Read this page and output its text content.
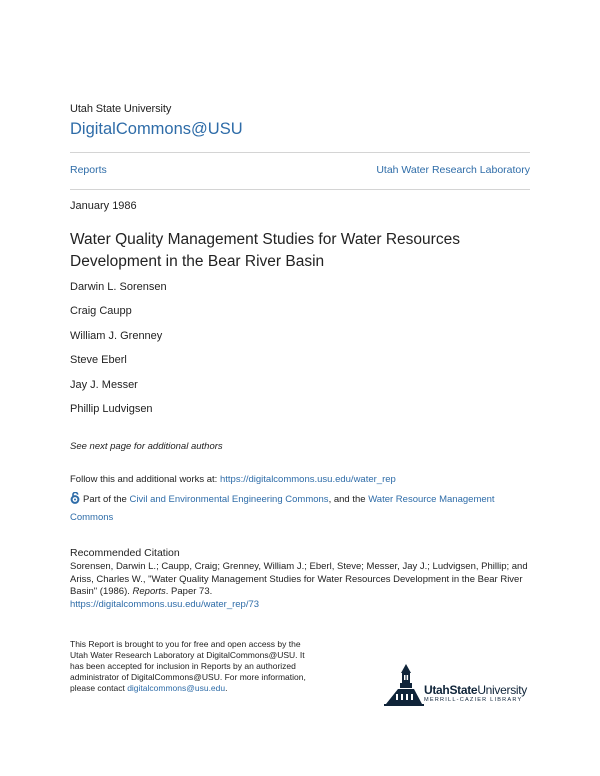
Utah State University
DigitalCommons@USU
Reports	Utah Water Research Laboratory
January 1986
Water Quality Management Studies for Water Resources Development in the Bear River Basin
Darwin L. Sorensen
Craig Caupp
William J. Grenney
Steve Eberl
Jay J. Messer
Phillip Ludvigsen
See next page for additional authors
Follow this and additional works at: https://digitalcommons.usu.edu/water_rep
Part of the Civil and Environmental Engineering Commons, and the Water Resource Management Commons
Recommended Citation
Sorensen, Darwin L.; Caupp, Craig; Grenney, William J.; Eberl, Steve; Messer, Jay J.; Ludvigsen, Phillip; and Ariss, Charles W., "Water Quality Management Studies for Water Resources Development in the Bear River Basin" (1986). Reports. Paper 73.
https://digitalcommons.usu.edu/water_rep/73
This Report is brought to you for free and open access by the Utah Water Research Laboratory at DigitalCommons@USU. It has been accepted for inclusion in Reports by an authorized administrator of DigitalCommons@USU. For more information, please contact digitalcommons@usu.edu.	UtahStateUniversity
MERRILL-CAZIER LIBRARY
